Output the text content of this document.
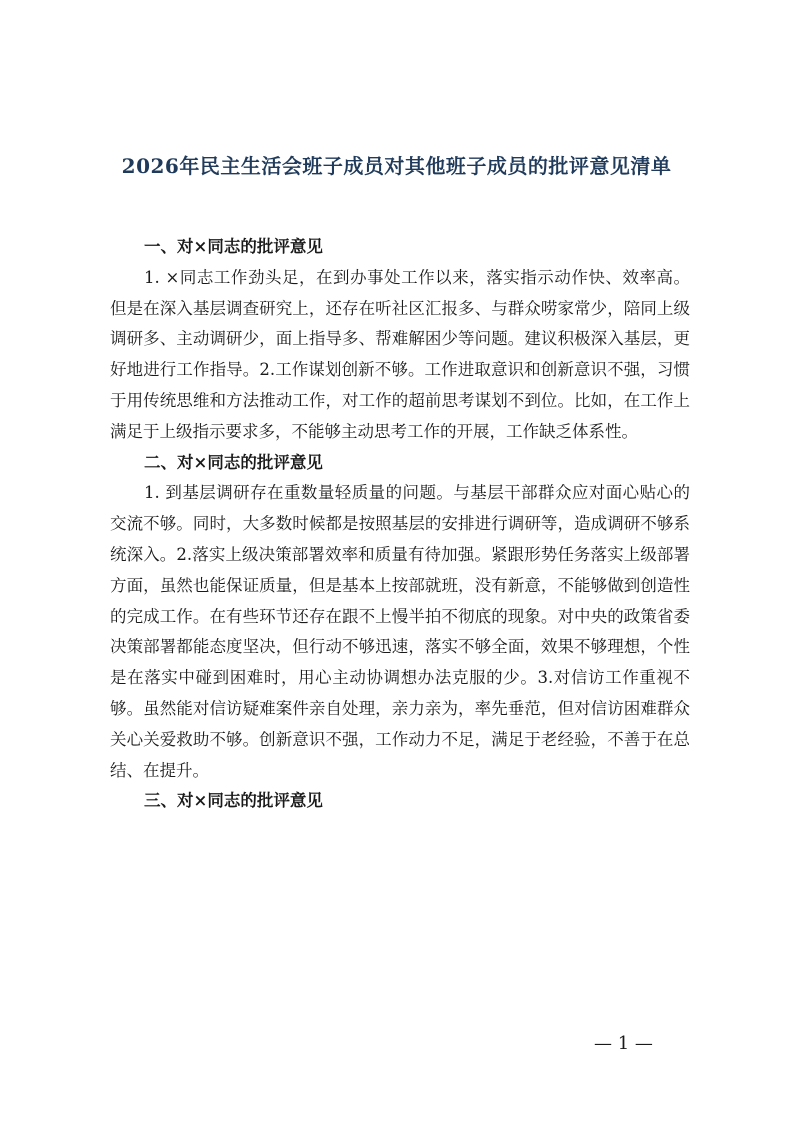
2026年民主生活会班子成员对其他班子成员的批评意见清单

一、对×同志的批评意见

1. ×同志工作劲头足，在到办事处工作以来，落实指示动作快、效率高。但是在深入基层调查研究上，还存在听社区汇报多、与群众唠家常少，陪同上级调研多、主动调研少，面上指导多、帮难解困少等问题。建议积极深入基层，更好地进行工作指导。2.工作谋划创新不够。工作进取意识和创新意识不强，习惯于用传统思维和方法推动工作，对工作的超前思考谋划不到位。比如，在工作上满足于上级指示要求多，不能够主动思考工作的开展，工作缺乏体系性。

二、对×同志的批评意见

1. 到基层调研存在重数量轻质量的问题。与基层干部群众应对面心贴心的交流不够。同时，大多数时候都是按照基层的安排进行调研等，造成调研不够系统深入。2.落实上级决策部署效率和质量有待加强。紧跟形势任务落实上级部署方面，虽然也能保证质量，但是基本上按部就班，没有新意，不能够做到创造性的完成工作。在有些环节还存在跟不上慢半拍不彻底的现象。对中央的政策省委决策部署都能态度坚决，但行动不够迅速，落实不够全面，效果不够理想，个性是在落实中碰到困难时，用心主动协调想办法克服的少。3.对信访工作重视不够。虽然能对信访疑难案件亲自处理，亲力亲为，率先垂范，但对信访困难群众关心关爱救助不够。创新意识不强，工作动力不足，满足于老经验，不善于在总结、在提升。

三、对×同志的批评意见

— 1 —
